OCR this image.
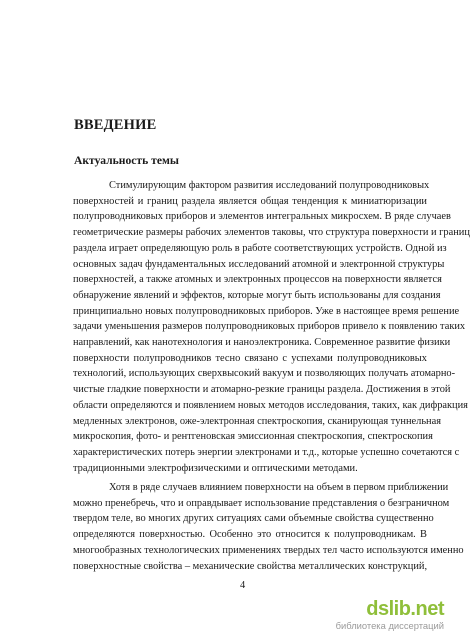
ВВЕДЕНИЕ
Актуальность темы
Стимулирующим фактором развития исследований полупроводниковых
поверхностей и границ раздела является общая тенденция к миниатюризации
полупроводниковых приборов и элементов интегральных микросхем. В ряде случаев
геометрические размеры рабочих элементов таковы, что структура поверхности и границ
раздела играет определяющую роль в работе соответствующих устройств. Одной из
основных задач фундаментальных исследований атомной и электронной структуры
поверхностей, а также атомных и электронных процессов на поверхности является
обнаружение явлений и эффектов, которые могут быть использованы для создания
принципиально новых полупроводниковых приборов. Уже в настоящее время решение
задачи уменьшения размеров полупроводниковых приборов привело к появлению таких
направлений, как нанотехнология и наноэлектроника. Современное развитие физики
поверхности полупроводников тесно связано с успехами полупроводниковых
технологий, использующих сверхвысокий вакуум и позволяющих получать атомарно-
чистые гладкие поверхности и атомарно-резкие границы раздела. Достижения в этой
области определяются и появлением новых методов исследования, таких, как дифракция
медленных электронов, оже-электронная спектроскопия, сканирующая туннельная
микроскопия, фото- и рентгеновская эмиссионная спектроскопия, спектроскопия
характеристических потерь энергии электронами и т.д., которые успешно сочетаются с
традиционными электрофизическими и оптическими методами.
Хотя в ряде случаев влиянием поверхности на объем в первом приближении
можно пренебречь, что и оправдывает использование представления о безграничном
твердом теле, во многих других ситуациях сами объемные свойства существенно
определяются поверхностью. Особенно это относится к полупроводникам. В
многообразных технологических применениях твердых тел часто используются именно
поверхностные свойства – механические свойства металлических конструкций,
4
dslib.net
библиотека диссертаций
